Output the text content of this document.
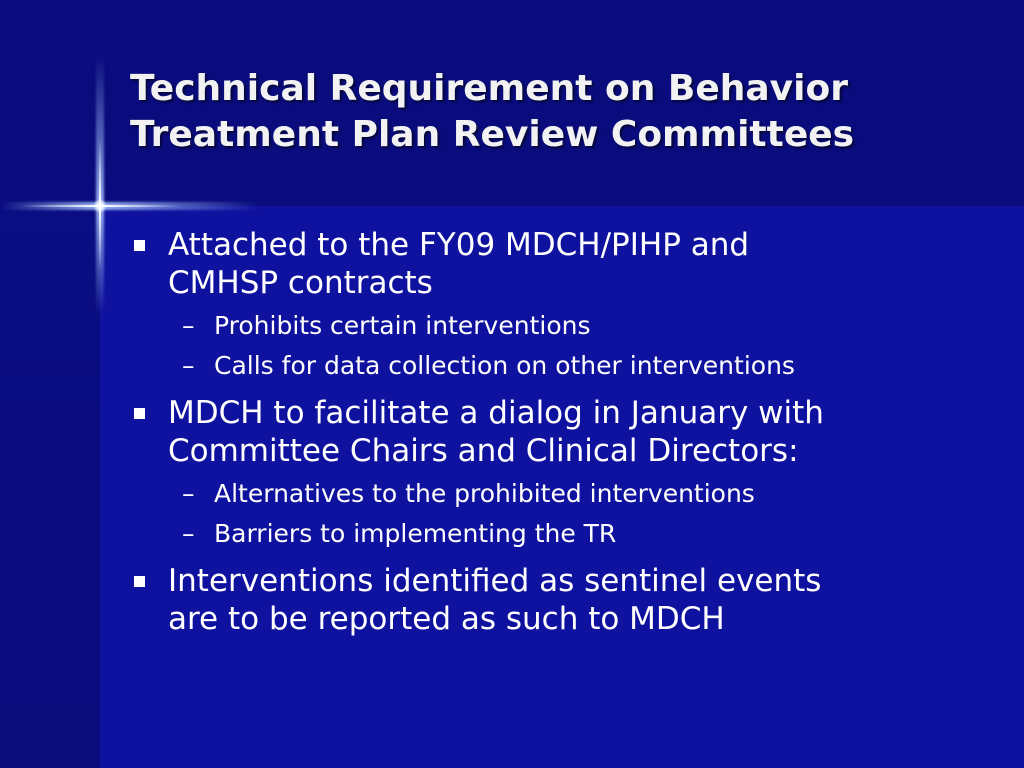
Technical Requirement on Behavior
Treatment Plan Review Committees
Attached to the FY09 MDCH/PIHP and
CMHSP contracts
– Prohibits certain interventions
– Calls for data collection on other interventions
MDCH to facilitate a dialog in January with
Committee Chairs and Clinical Directors:
– Alternatives to the prohibited interventions
– Barriers to implementing the TR
Interventions identified as sentinel events
are to be reported as such to MDCH
